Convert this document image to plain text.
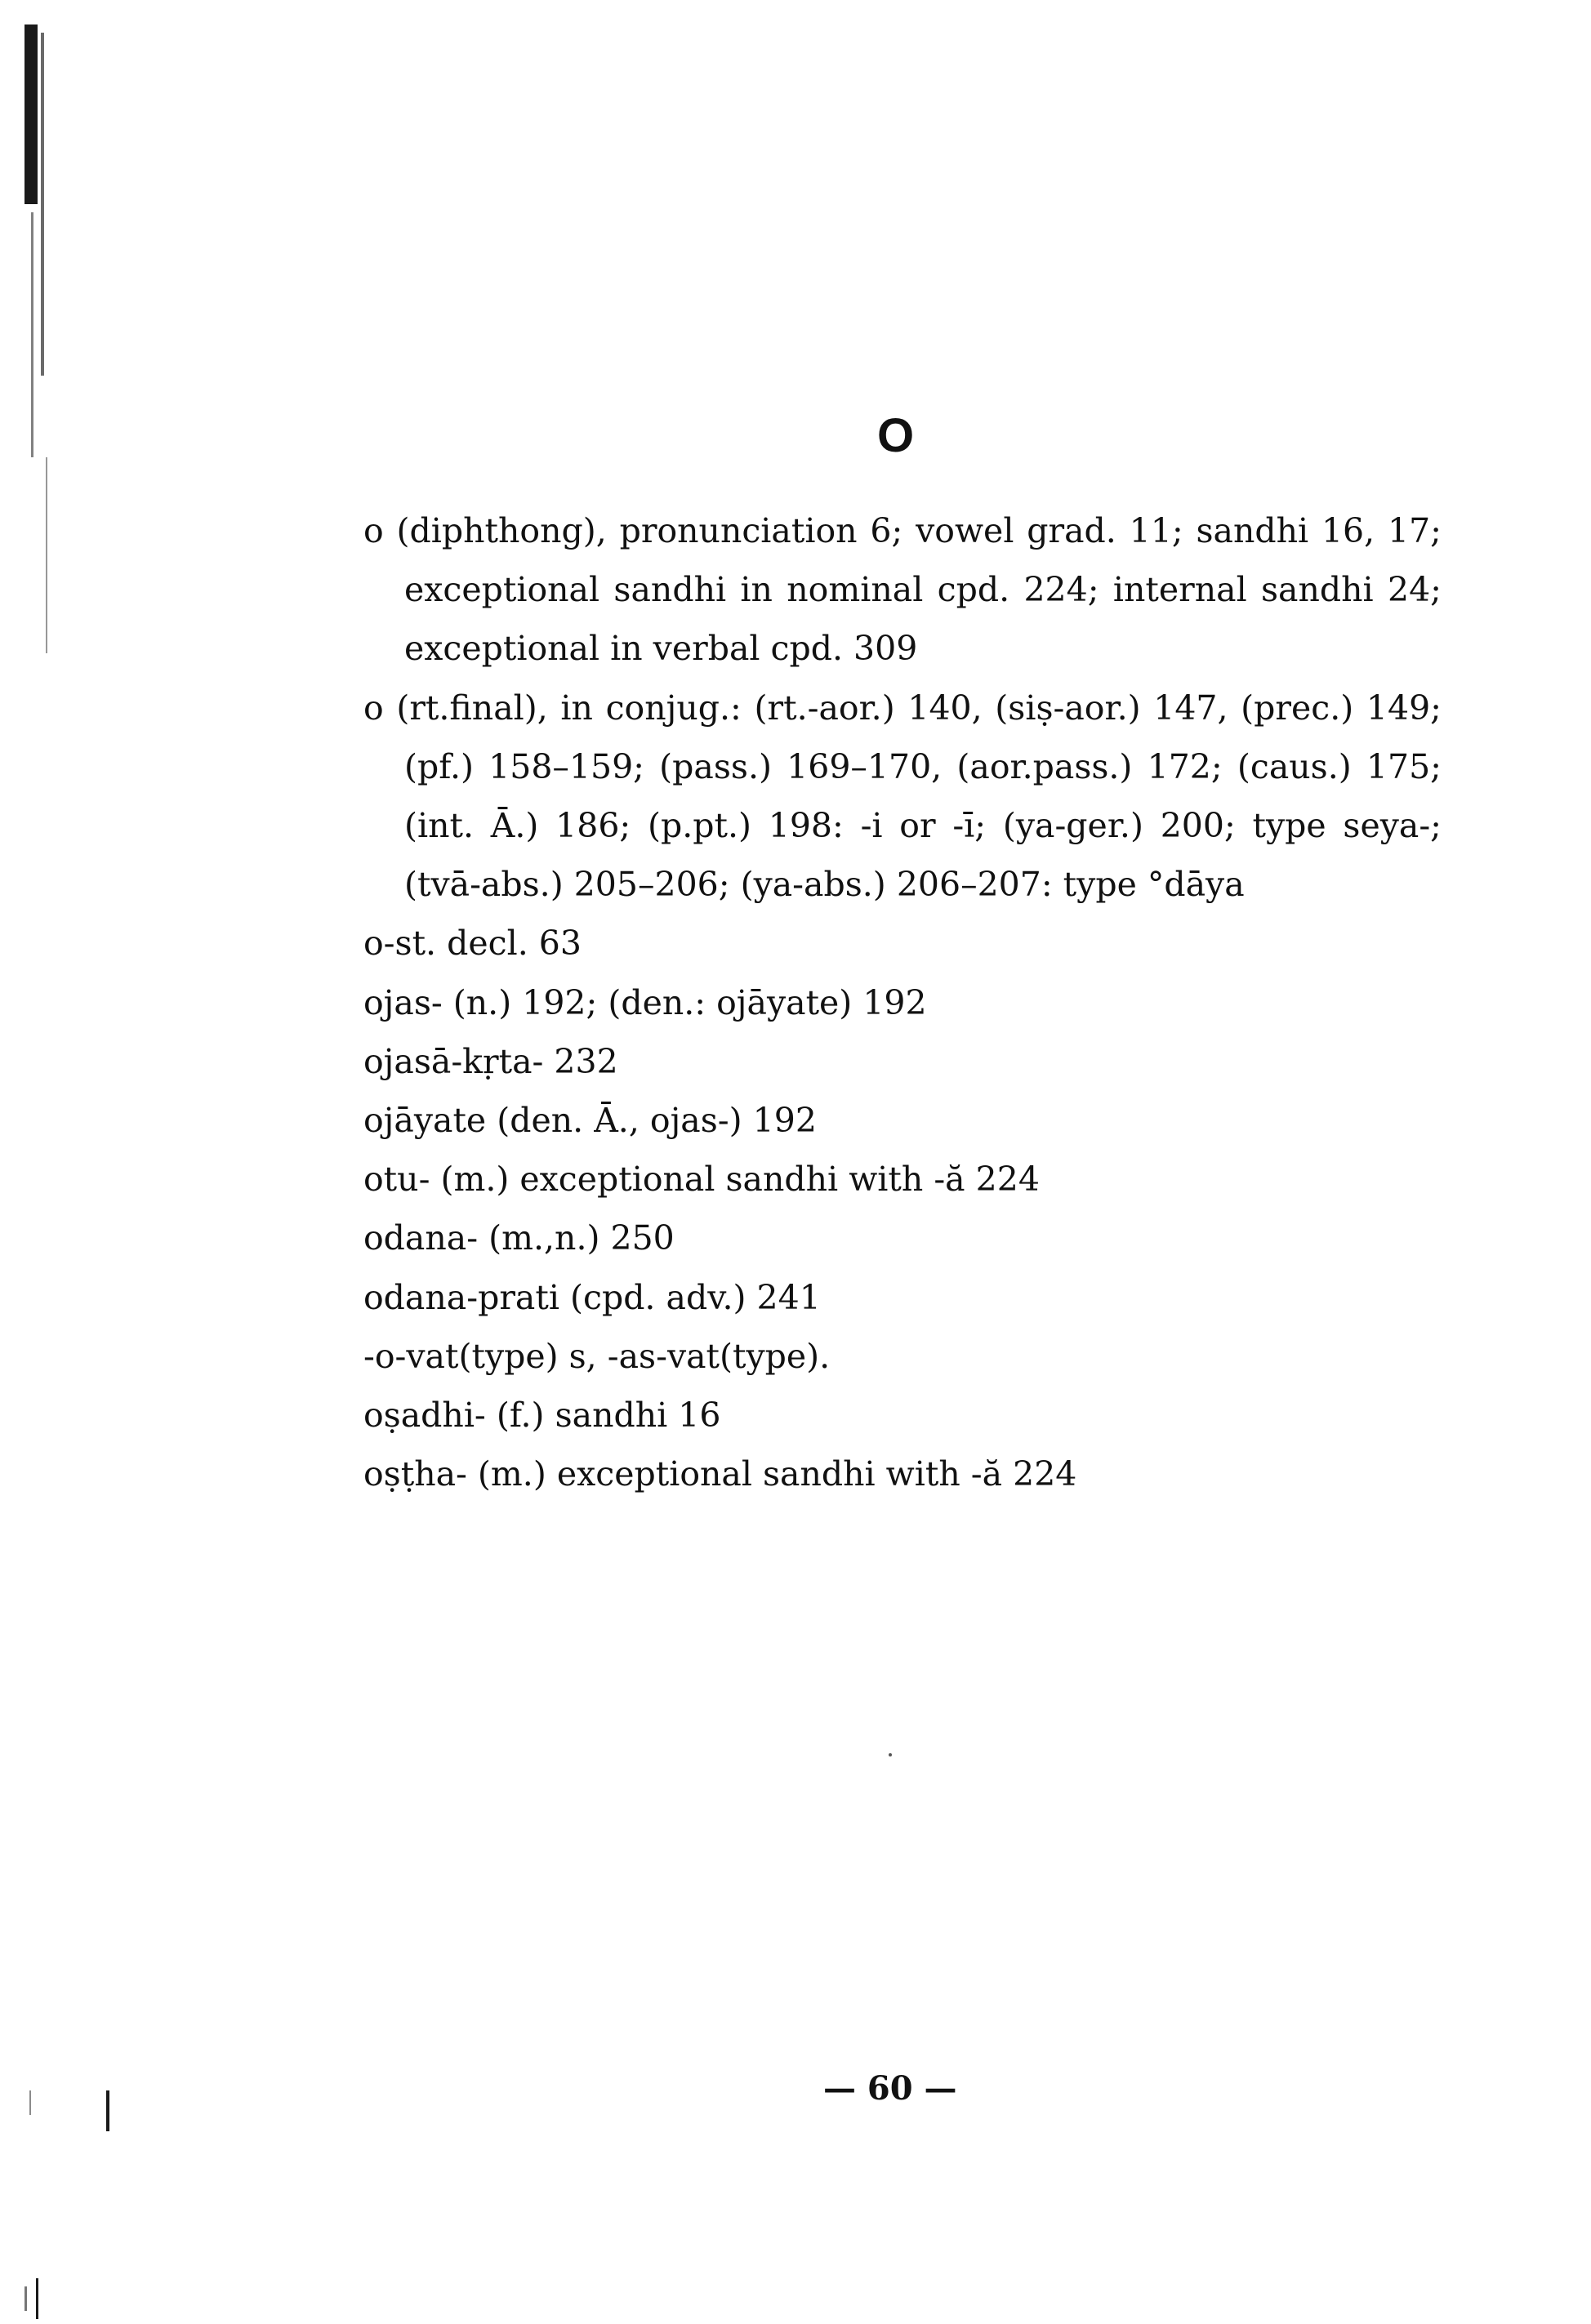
O

o (diphthong), pronunciation 6; vowel grad. 11; sandhi 16, 17; exceptional sandhi in nominal cpd. 224; internal sandhi 24; exceptional in verbal cpd. 309

o (rt.final), in conjug.: (rt.-aor.) 140, (siṣ-aor.) 147, (prec.) 149; (pf.) 158–159; (pass.) 169–170, (aor.pass.) 172; (caus.) 175; (int. Ā.) 186; (p.pt.) 198: -i or -ī; (ya-ger.) 200; type seya-; (tvā-abs.) 205–206; (ya-abs.) 206–207: type °dāya

o-st. decl. 63

ojas- (n.) 192; (den.: ojāyate) 192

ojasā-kṛta- 232

ojāyate (den. Ā., ojas-) 192

otu- (m.) exceptional sandhi with -ă 224

odana- (m.,n.) 250

odana-prati (cpd. adv.) 241

-o-vat(type) s, -as-vat(type).

oṣadhi- (f.) sandhi 16

oṣṭha- (m.) exceptional sandhi with -ă 224

— 60 —
